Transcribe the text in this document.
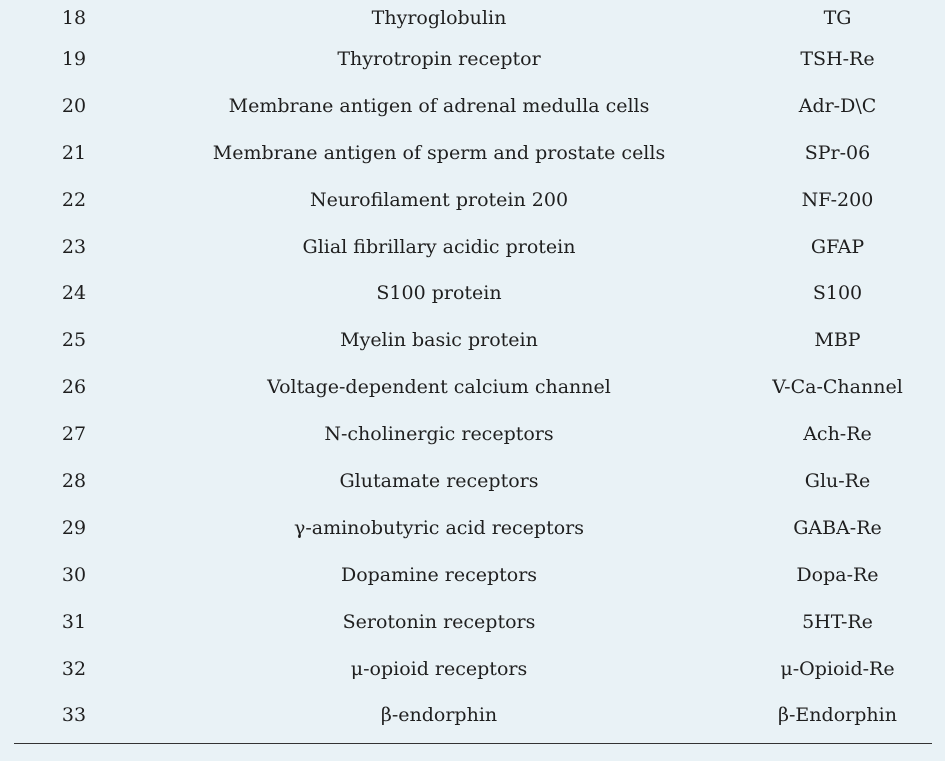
18	Thyroglobulin	TG
19	Thyrotropin receptor	TSH-Re
20	Membrane antigen of adrenal medulla cells	Adr-D\C
21	Membrane antigen of sperm and prostate cells	SPr-06
22	Neurofilament protein 200	NF-200
23	Glial fibrillary acidic protein	GFAP
24	S100 protein	S100
25	Myelin basic protein	MBP
26	Voltage-dependent calcium channel	V-Ca-Channel
27	N-cholinergic receptors	Ach-Re
28	Glutamate receptors	Glu-Re
29	γ-aminobutyric acid receptors	GABA-Re
30	Dopamine receptors	Dopa-Re
31	Serotonin receptors	5HT-Re
32	μ-opioid receptors	μ-Opioid-Re
33	β-endorphin	β-Endorphin
